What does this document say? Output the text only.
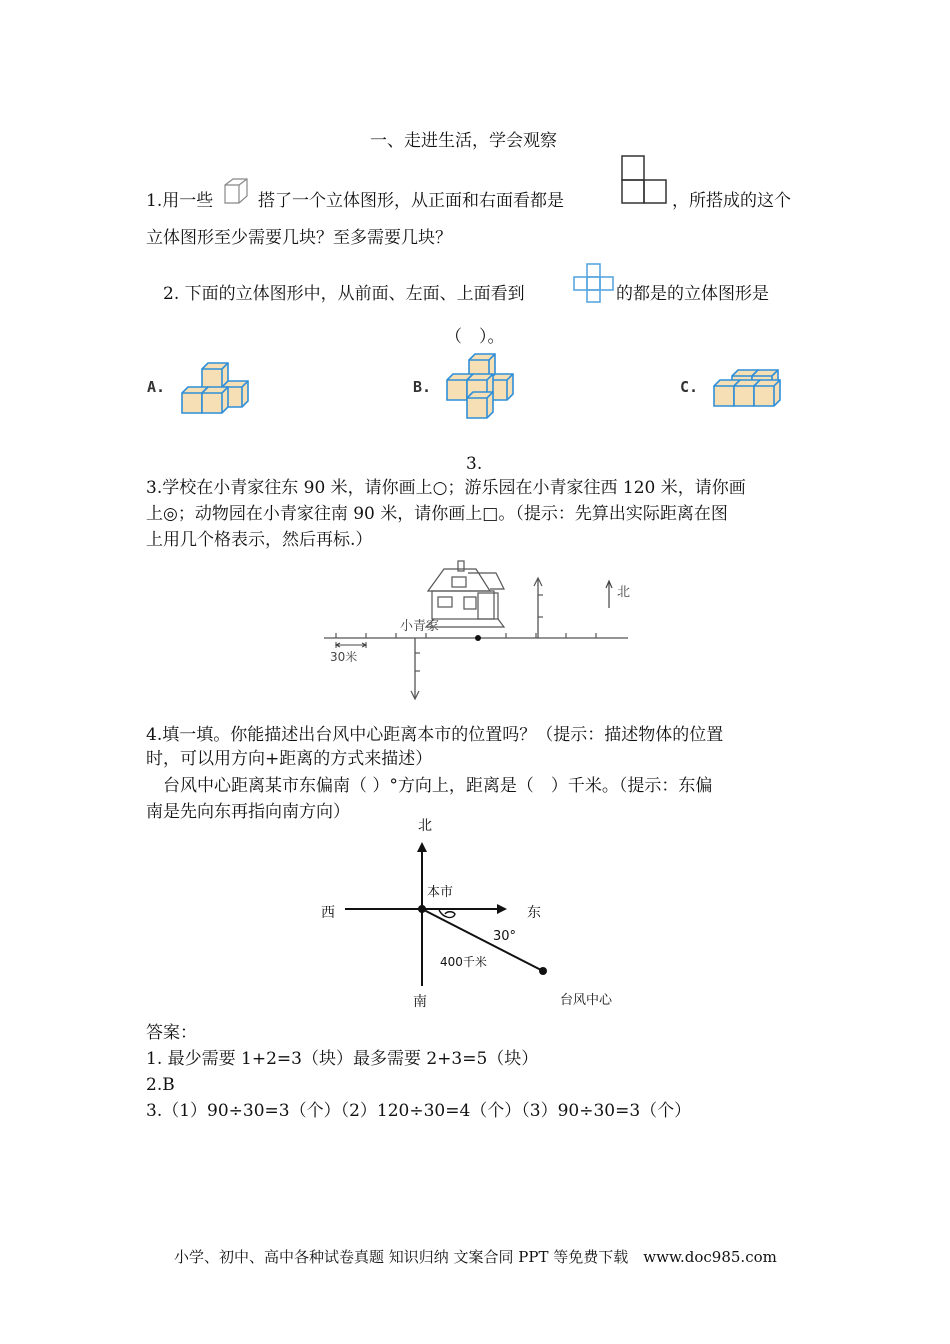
一、走进生活，学会观察
1.用一些	搭了一个立体图形，从正面和右面看都是	，所搭成的这个
立体图形至少需要几块？至多需要几块？
2. 下面的立体图形中，从前面、左面、上面看到	的都是的立体图形是
（　）。
A.	B.	C.
3.
3.学校在小青家往东 90 米，请你画上○；游乐园在小青家往西 120 米，请你画
上◎；动物园在小青家往南 90 米，请你画上□。（提示：先算出实际距离在图
上用几个格表示，然后再标.）
小青家
北
30米
4.填一填。你能描述出台风中心距离本市的位置吗？（提示：描述物体的位置
时，可以用方向+距离的方式来描述）
台风中心距离某市东偏南（ ）°方向上，距离是（　）千米。（提示：东偏
南是先向东再指向南方向）
北
西	东
南
本市
30°
400千米
台风中心
答案：
1. 最少需要 1+2=3（块）最多需要 2+3=5（块）
2.B
3.（1）90÷30=3（个）（2）120÷30=4（个）（3）90÷30=3（个）
小学、初中、高中各种试卷真题 知识归纳 文案合同 PPT 等免费下载　www.doc985.com
